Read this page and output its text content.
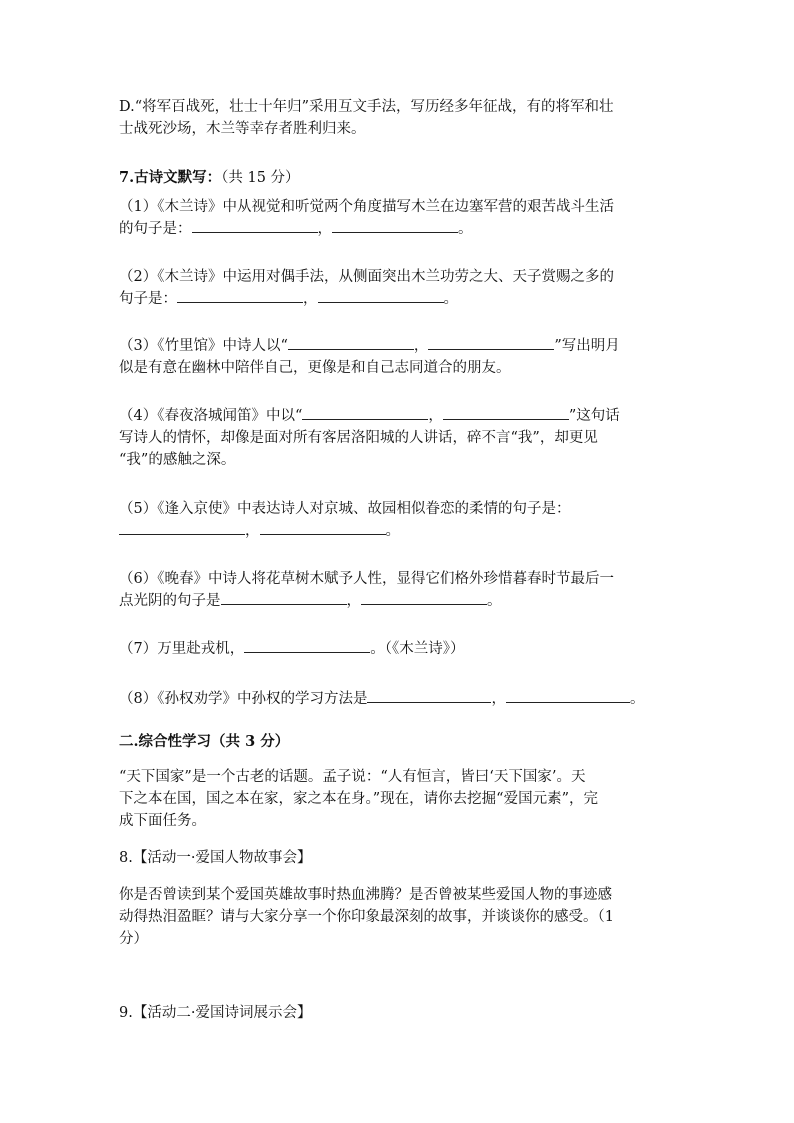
D.“将军百战死，壮士十年归”采用互文手法，写历经多年征战，有的将军和壮
士战死沙场，木兰等幸存者胜利归来。
7.古诗文默写：（共 15 分）
（1）《木兰诗》中从视觉和听觉两个角度描写木兰在边塞军营的艰苦战斗生活
的句子是：	，	。
（2）《木兰诗》中运用对偶手法，从侧面突出木兰功劳之大、天子赏赐之多的
句子是：	，	。
（3）《竹里馆》中诗人以“	，	”写出明月
似是有意在幽林中陪伴自己，更像是和自己志同道合的朋友。
（4）《春夜洛城闻笛》中以“	，	”这句话
写诗人的情怀，却像是面对所有客居洛阳城的人讲话，碎不言“我”，却更见
“我”的感触之深。
（5）《逢入京使》中表达诗人对京城、故园相似眷恋的柔情的句子是：
，	。
（6）《晚春》中诗人将花草树木赋予人性，显得它们格外珍惜暮春时节最后一
点光阴的句子是	，	。
（7）万里赴戎机，	。（《木兰诗》）
（8）《孙权劝学》中孙权的学习方法是	，	。
二.综合性学习（共 3 分）
“天下国家”是一个古老的话题。孟子说：“人有恒言，皆曰‘天下国家’。天
下之本在国，国之本在家，家之本在身。”现在，请你去挖掘“爱国元素”，完
成下面任务。
8.【活动一·爱国人物故事会】
你是否曾读到某个爱国英雄故事时热血沸腾？是否曾被某些爱国人物的事迹感
动得热泪盈眶？请与大家分享一个你印象最深刻的故事，并谈谈你的感受。（1
分）
9.【活动二·爱国诗词展示会】
